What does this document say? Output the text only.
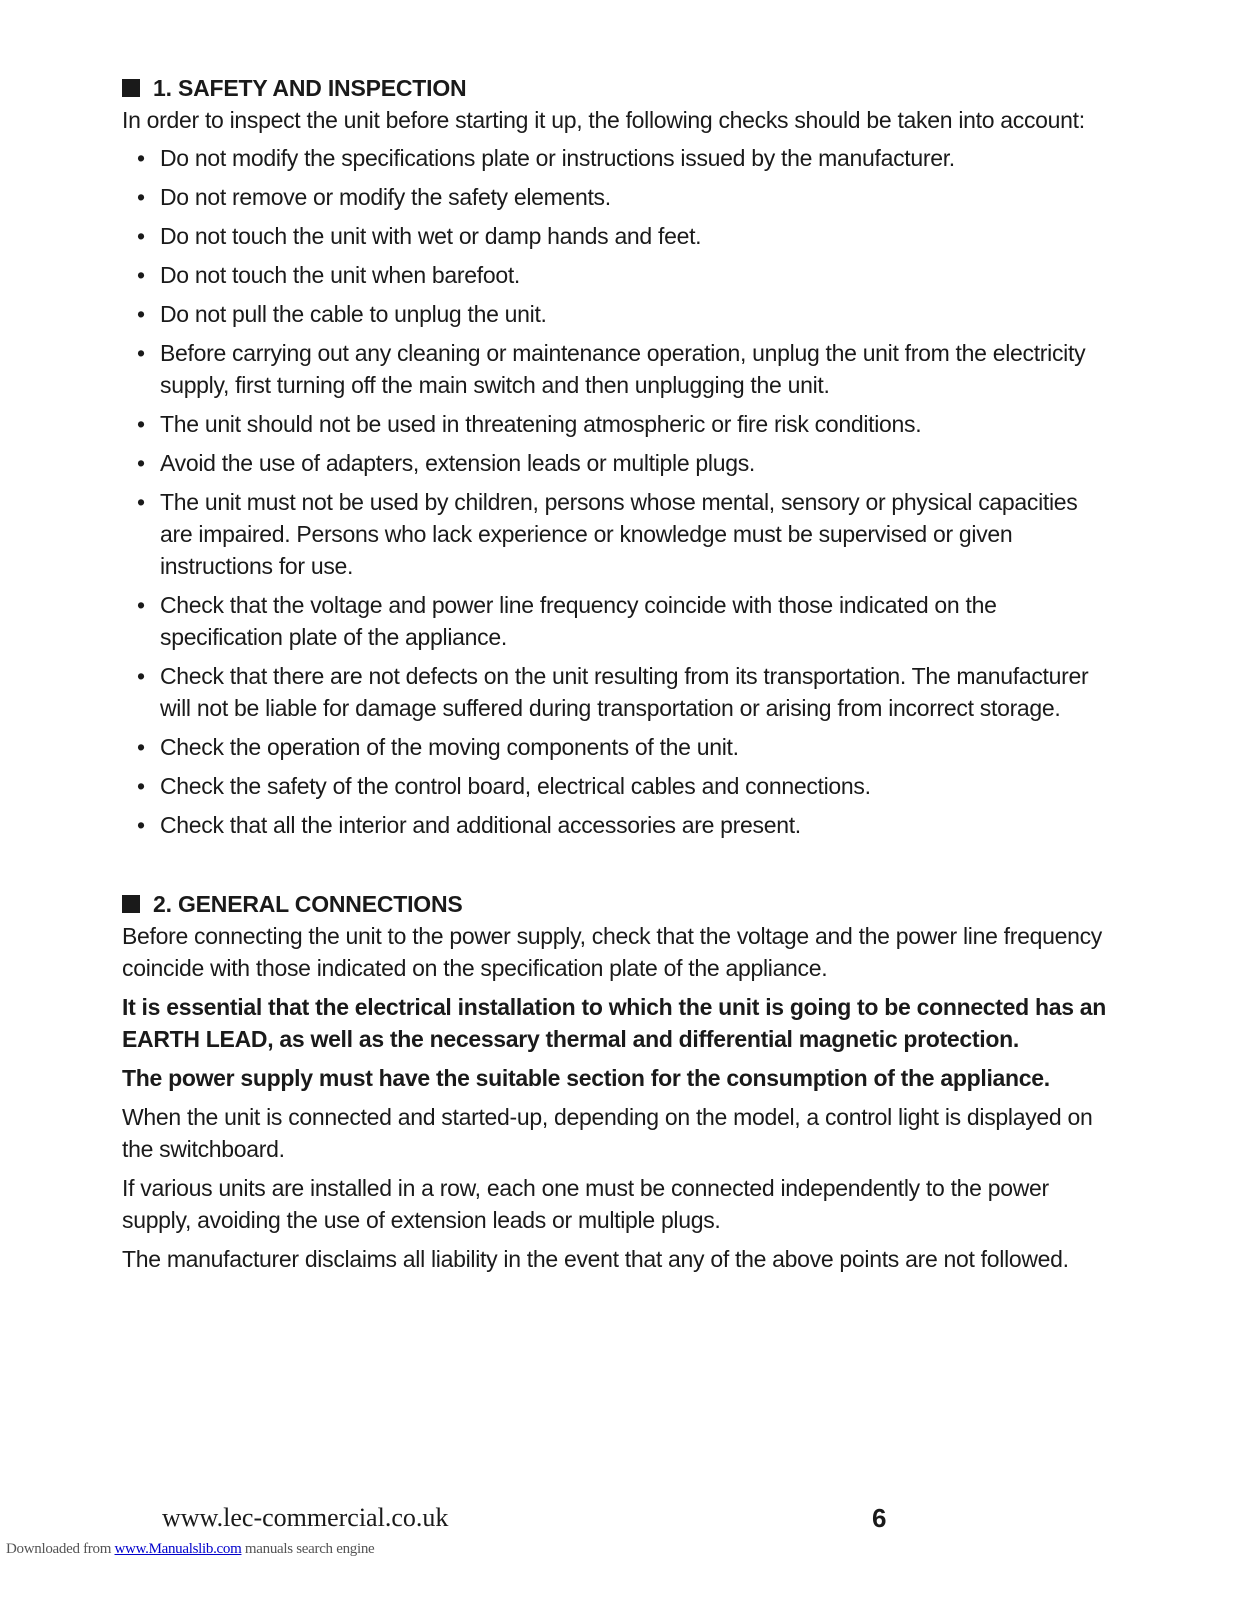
1. SAFETY AND INSPECTION

In order to inspect the unit before starting it up, the following checks should be taken into account:

• Do not modify the specifications plate or instructions issued by the manufacturer.
• Do not remove or modify the safety elements.
• Do not touch the unit with wet or damp hands and feet.
• Do not touch the unit when barefoot.
• Do not pull the cable to unplug the unit.
• Before carrying out any cleaning or maintenance operation, unplug the unit from the electricity supply, first turning off the main switch and then unplugging the unit.
• The unit should not be used in threatening atmospheric or fire risk conditions.
• Avoid the use of adapters, extension leads or multiple plugs.
• The unit must not be used by children, persons whose mental, sensory or physical capacities are impaired. Persons who lack experience or knowledge must be supervised or given instructions for use.
• Check that the voltage and power line frequency coincide with those indicated on the specification plate of the appliance.
• Check that there are not defects on the unit resulting from its transportation. The manufacturer will not be liable for damage suffered during transportation or arising from incorrect storage.
• Check the operation of the moving components of the unit.
• Check the safety of the control board, electrical cables and connections.
• Check that all the interior and additional accessories are present.
2. GENERAL CONNECTIONS

Before connecting the unit to the power supply, check that the voltage and the power line frequency coincide with those indicated on the specification plate of the appliance.

It is essential that the electrical installation to which the unit is going to be connected has an EARTH LEAD, as well as the necessary thermal and differential magnetic protection.

The power supply must have the suitable section for the consumption of the appliance.

When the unit is connected and started-up, depending on the model, a control light is displayed on the switchboard.

If various units are installed in a row, each one must be connected independently to the power supply, avoiding the use of extension leads or multiple plugs.

The manufacturer disclaims all liability in the event that any of the above points are not followed.

www.lec-commercial.co.uk	6
Downloaded from www.Manualslib.com manuals search engine
